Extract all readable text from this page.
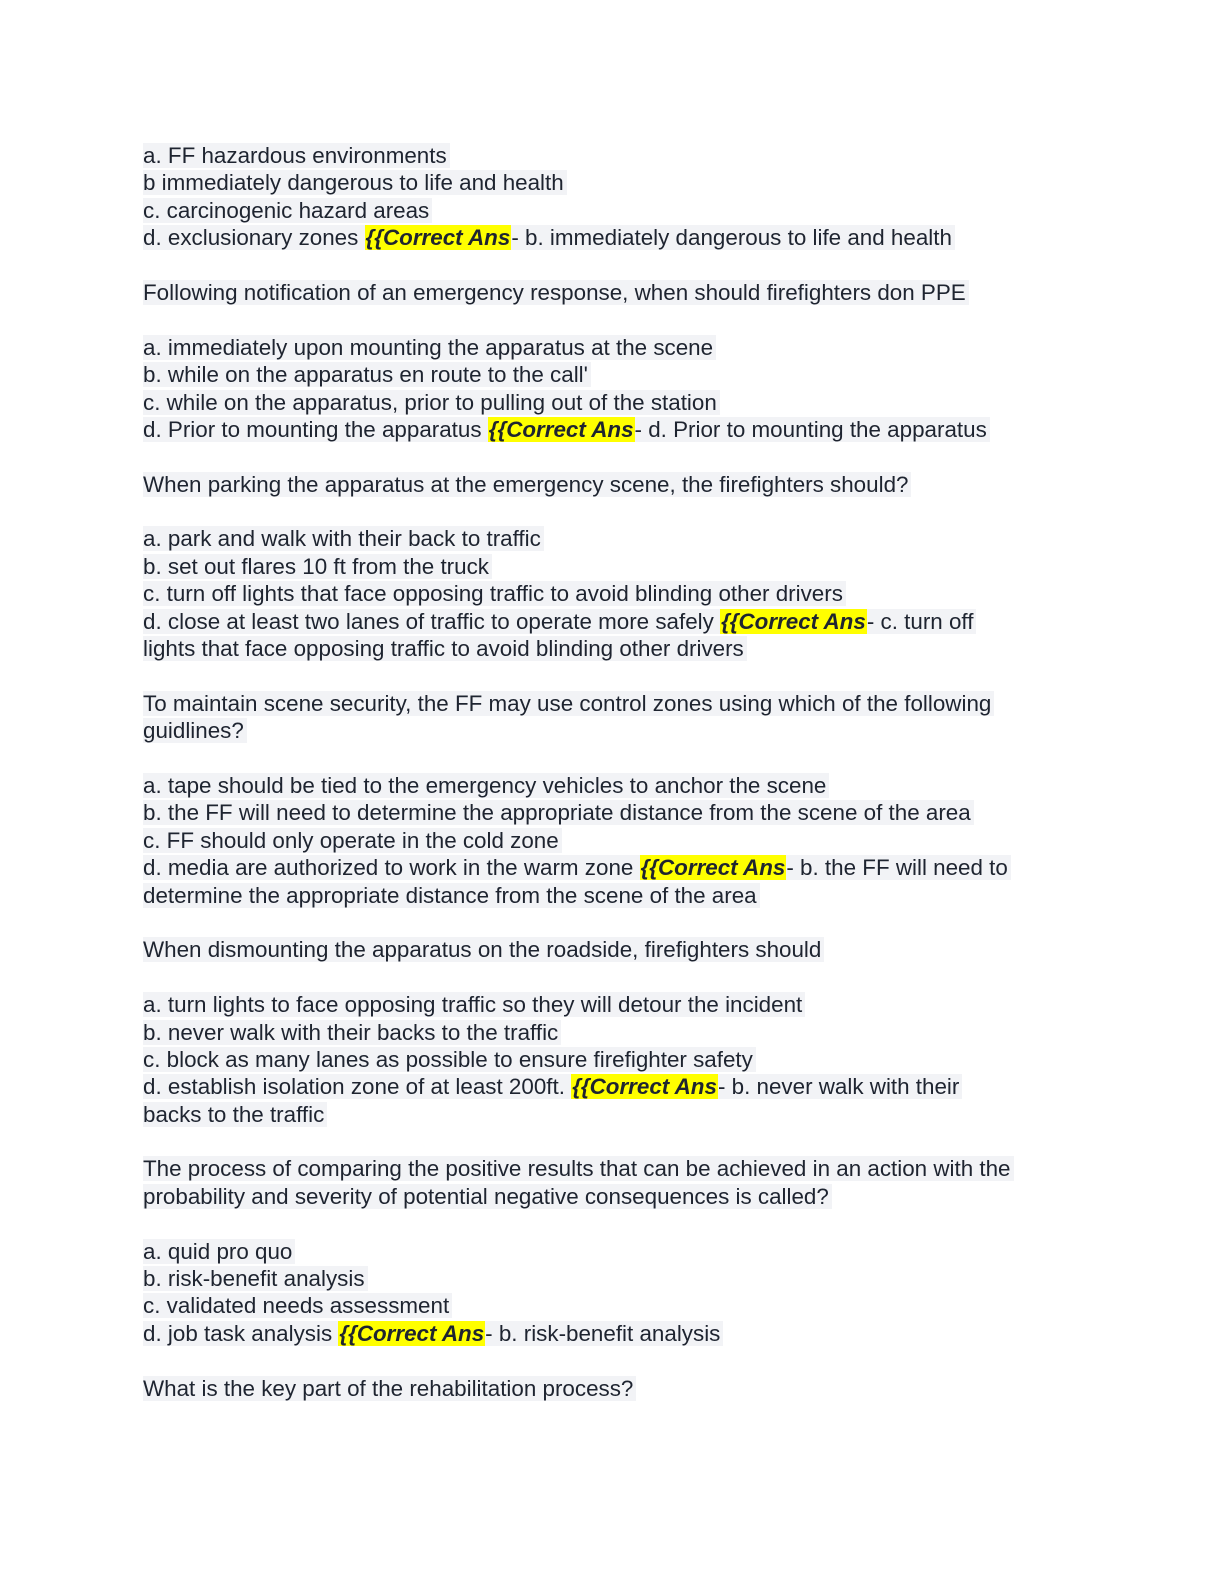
a. FF hazardous environments
b immediately dangerous to life and health
c. carcinogenic hazard areas
d. exclusionary zones {{Correct Ans- b. immediately dangerous to life and health
Following notification of an emergency response, when should firefighters don PPE
a. immediately upon mounting the apparatus at the scene
b. while on the apparatus en route to the call'
c. while on the apparatus, prior to pulling out of the station
d. Prior to mounting the apparatus {{Correct Ans- d. Prior to mounting the apparatus
When parking the apparatus at the emergency scene, the firefighters should?
a. park and walk with their back to traffic
b. set out flares 10 ft from the truck
c. turn off lights that face opposing traffic to avoid blinding other drivers
d. close at least two lanes of traffic to operate more safely {{Correct Ans- c. turn off
lights that face opposing traffic to avoid blinding other drivers
To maintain scene security, the FF may use control zones using which of the following
guidlines?
a. tape should be tied to the emergency vehicles to anchor the scene
b. the FF will need to determine the appropriate distance from the scene of the area
c. FF should only operate in the cold zone
d. media are authorized to work in the warm zone {{Correct Ans- b. the FF will need to
determine the appropriate distance from the scene of the area
When dismounting the apparatus on the roadside, firefighters should
a. turn lights to face opposing traffic so they will detour the incident
b. never walk with their backs to the traffic
c. block as many lanes as possible to ensure firefighter safety
d. establish isolation zone of at least 200ft. {{Correct Ans- b. never walk with their
backs to the traffic
The process of comparing the positive results that can be achieved in an action with the
probability and severity of potential negative consequences is called?
a. quid pro quo
b. risk-benefit analysis
c. validated needs assessment
d. job task analysis {{Correct Ans- b. risk-benefit analysis
What is the key part of the rehabilitation process?
